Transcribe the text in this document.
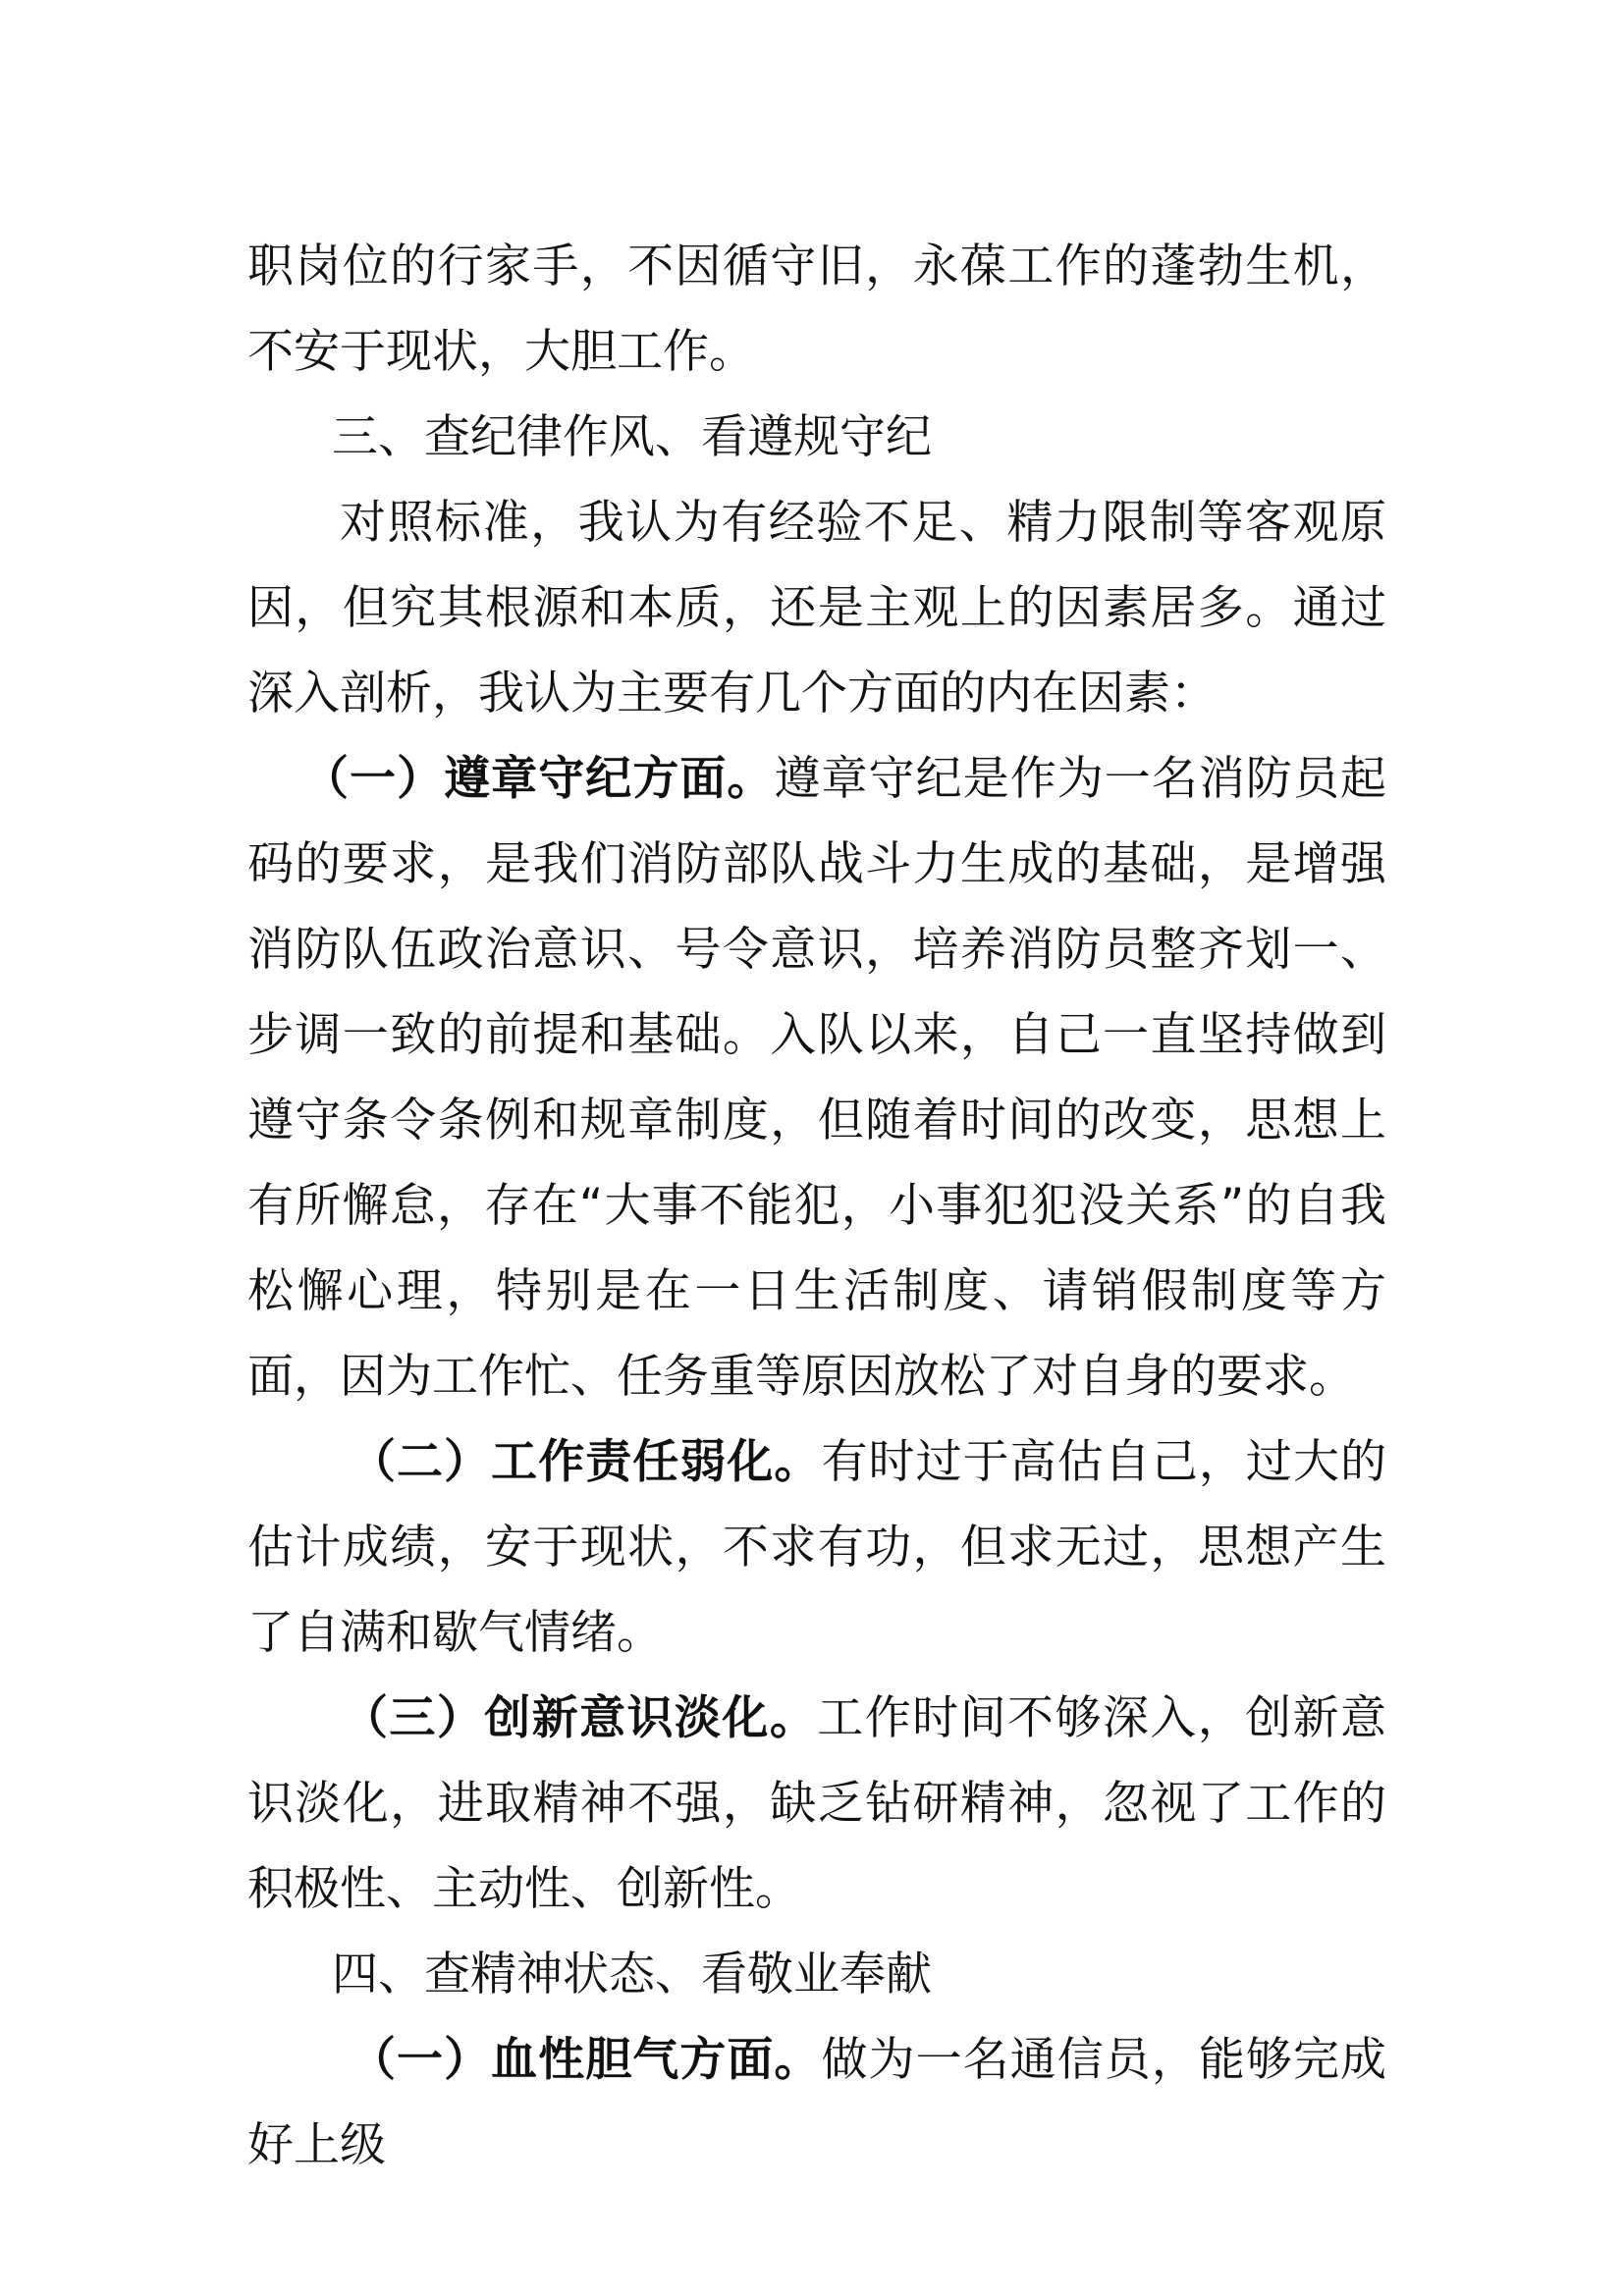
职岗位的行家手，不因循守旧，永葆工作的蓬勃生机，不安于现状，大胆工作。

三、查纪律作风、看遵规守纪

对照标准，我认为有经验不足、精力限制等客观原因，但究其根源和本质，还是主观上的因素居多。通过深入剖析，我认为主要有几个方面的内在因素：

（一）遵章守纪方面。遵章守纪是作为一名消防员起码的要求，是我们消防部队战斗力生成的基础，是增强消防队伍政治意识、号令意识，培养消防员整齐划一、步调一致的前提和基础。入队以来，自己一直坚持做到遵守条令条例和规章制度，但随着时间的改变，思想上有所懈怠，存在“大事不能犯，小事犯犯没关系”的自我松懈心理，特别是在一日生活制度、请销假制度等方面，因为工作忙、任务重等原因放松了对自身的要求。

（二）工作责任弱化。有时过于高估自己，过大的估计成绩，安于现状，不求有功，但求无过，思想产生了自满和歇气情绪。

（三）创新意识淡化。工作时间不够深入，创新意识淡化，进取精神不强，缺乏钻研精神，忽视了工作的积极性、主动性、创新性。

四、查精神状态、看敬业奉献

（一）血性胆气方面。做为一名通信员，能够完成好上级
